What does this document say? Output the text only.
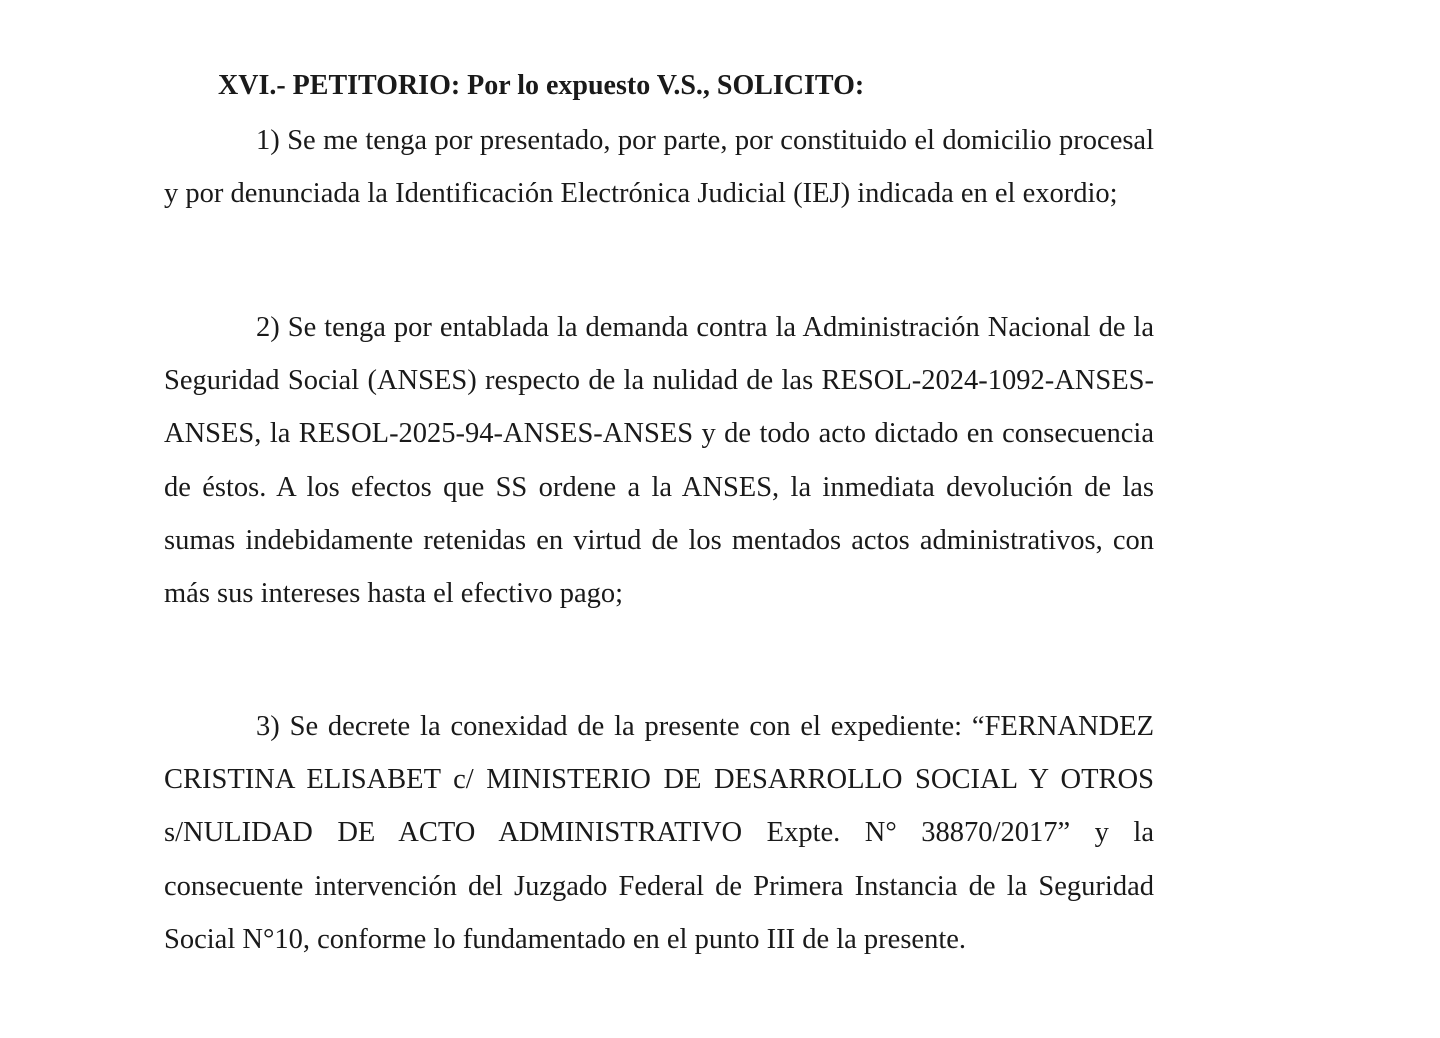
XVI.- PETITORIO: Por lo expuesto V.S., SOLICITO:

1) Se me tenga por presentado, por parte, por constituido el domicilio procesal y por denunciada la Identificación Electrónica Judicial (IEJ) indicada en el exordio;

2) Se tenga por entablada la demanda contra la Administración Nacional de la Seguridad Social (ANSES) respecto de la nulidad de las RESOL-2024-1092-ANSES-ANSES, la RESOL-2025-94-ANSES-ANSES y de todo acto dictado en consecuencia de éstos. A los efectos que SS ordene a la ANSES, la inmediata devolución de las sumas indebidamente retenidas en virtud de los mentados actos administrativos, con más sus intereses hasta el efectivo pago;

3) Se decrete la conexidad de la presente con el expediente: “FERNANDEZ CRISTINA ELISABET c/ MINISTERIO DE DESARROLLO SOCIAL Y OTROS s/NULIDAD DE ACTO ADMINISTRATIVO Expte. N° 38870/2017” y la consecuente intervención del Juzgado Federal de Primera Instancia de la Seguridad Social N°10, conforme lo fundamentado en el punto III de la presente.
